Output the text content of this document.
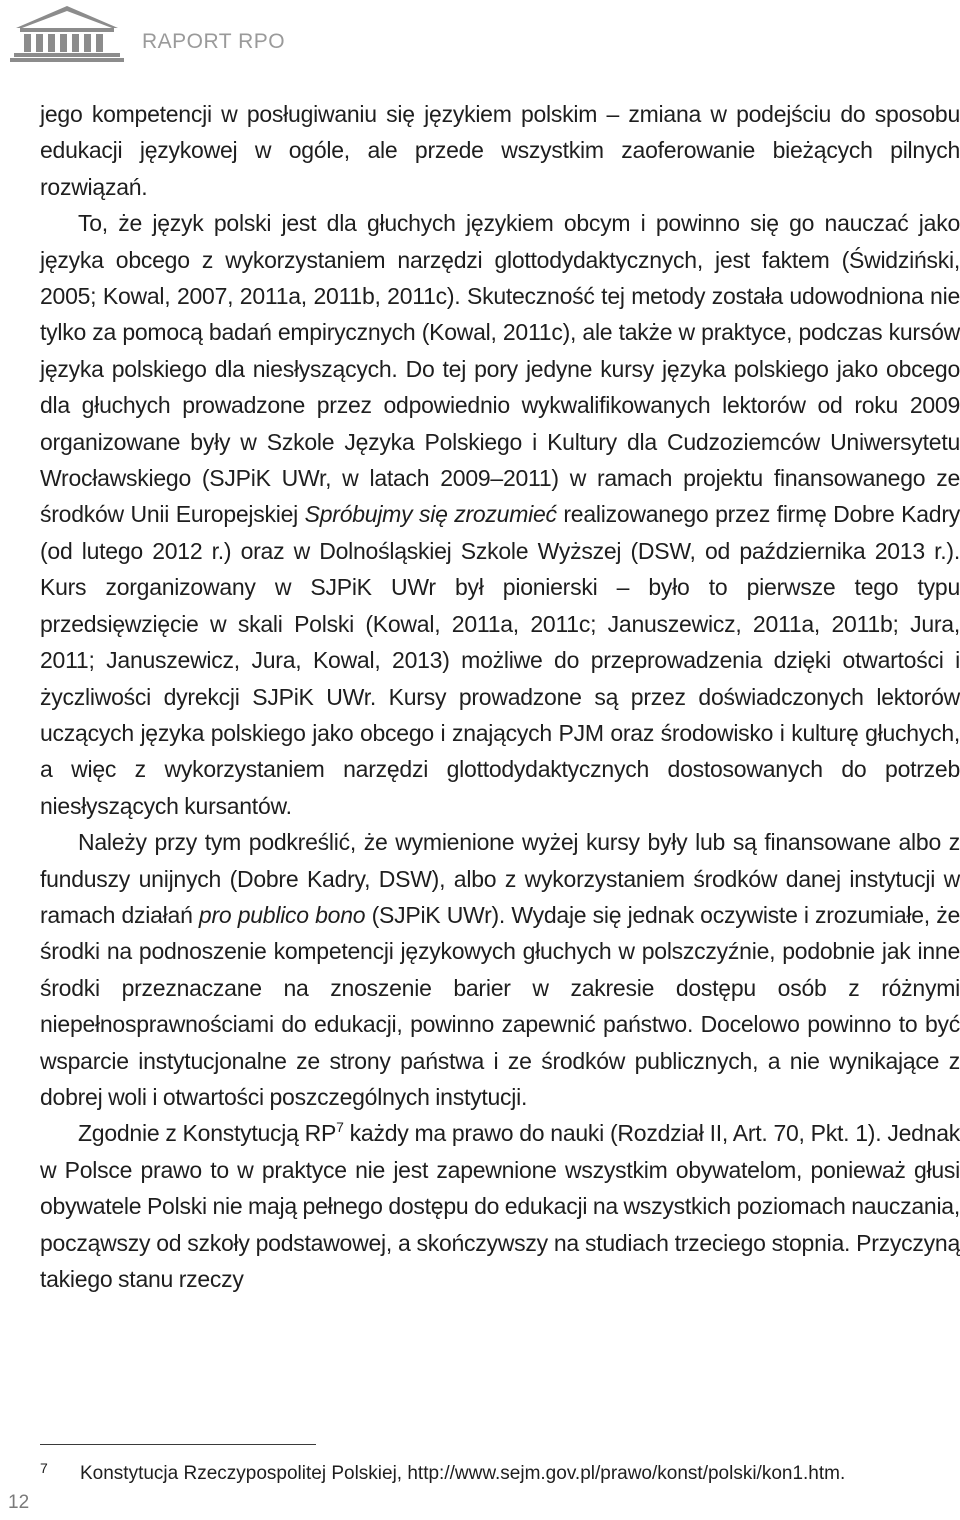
RAPORT RPO

jego kompetencji w posługiwaniu się językiem polskim – zmiana w podejściu do sposobu edukacji językowej w ogóle, ale przede wszystkim zaoferowanie bieżących pilnych rozwiązań.

To, że język polski jest dla głuchych językiem obcym i powinno się go nauczać jako języka obcego z wykorzystaniem narzędzi glottodydaktycznych, jest faktem (Świdziński, 2005; Kowal, 2007, 2011a, 2011b, 2011c). Skuteczność tej metody została udowodniona nie tylko za pomocą badań empirycznych (Kowal, 2011c), ale także w praktyce, podczas kursów języka polskiego dla niesłyszących. Do tej pory jedyne kursy języka polskiego jako obcego dla głuchych prowadzone przez odpowiednio wykwalifikowanych lektorów od roku 2009 organizowane były w Szkole Języka Polskiego i Kultury dla Cudzoziemców Uniwersytetu Wrocławskiego (SJPiK UWr, w latach 2009–2011) w ramach projektu finansowanego ze środków Unii Europejskiej Spróbujmy się zrozumieć realizowanego przez firmę Dobre Kadry (od lutego 2012 r.) oraz w Dolnośląskiej Szkole Wyższej (DSW, od października 2013 r.). Kurs zorganizowany w SJPiK UWr był pionierski – było to pierwsze tego typu przedsięwzięcie w skali Polski (Kowal, 2011a, 2011c; Januszewicz, 2011a, 2011b; Jura, 2011; Januszewicz, Jura, Kowal, 2013) możliwe do przeprowadzenia dzięki otwartości i życzliwości dyrekcji SJPiK UWr. Kursy prowadzone są przez doświadczonych lektorów uczących języka polskiego jako obcego i znających PJM oraz środowisko i kulturę głuchych, a więc z wykorzystaniem narzędzi glottodydaktycznych dostosowanych do potrzeb niesłyszących kursantów.

Należy przy tym podkreślić, że wymienione wyżej kursy były lub są finansowane albo z funduszy unijnych (Dobre Kadry, DSW), albo z wykorzystaniem środków danej instytucji w ramach działań pro publico bono (SJPiK UWr). Wydaje się jednak oczywiste i zrozumiałe, że środki na podnoszenie kompetencji językowych głuchych w polszczyźnie, podobnie jak inne środki przeznaczane na znoszenie barier w zakresie dostępu osób z różnymi niepełnosprawnościami do edukacji, powinno zapewnić państwo. Docelowo powinno to być wsparcie instytucjonalne ze strony państwa i ze środków publicznych, a nie wynikające z dobrej woli i otwartości poszczególnych instytucji.

Zgodnie z Konstytucją $RP^7$ każdy ma prawo do nauki (Rozdział II, Art. 70, Pkt. 1). Jednak w Polsce prawo to w praktyce nie jest zapewnione wszystkim obywatelom, ponieważ głusi obywatele Polski nie mają pełnego dostępu do edukacji na wszystkich poziomach nauczania, począwszy od szkoły podstawowej, a skończywszy na studiach trzeciego stopnia. Przyczyną takiego stanu rzeczy

7 Konstytucja Rzeczypospolitej Polskiej, http://www.sejm.gov.pl/prawo/konst/polski/kon1.htm.
12
